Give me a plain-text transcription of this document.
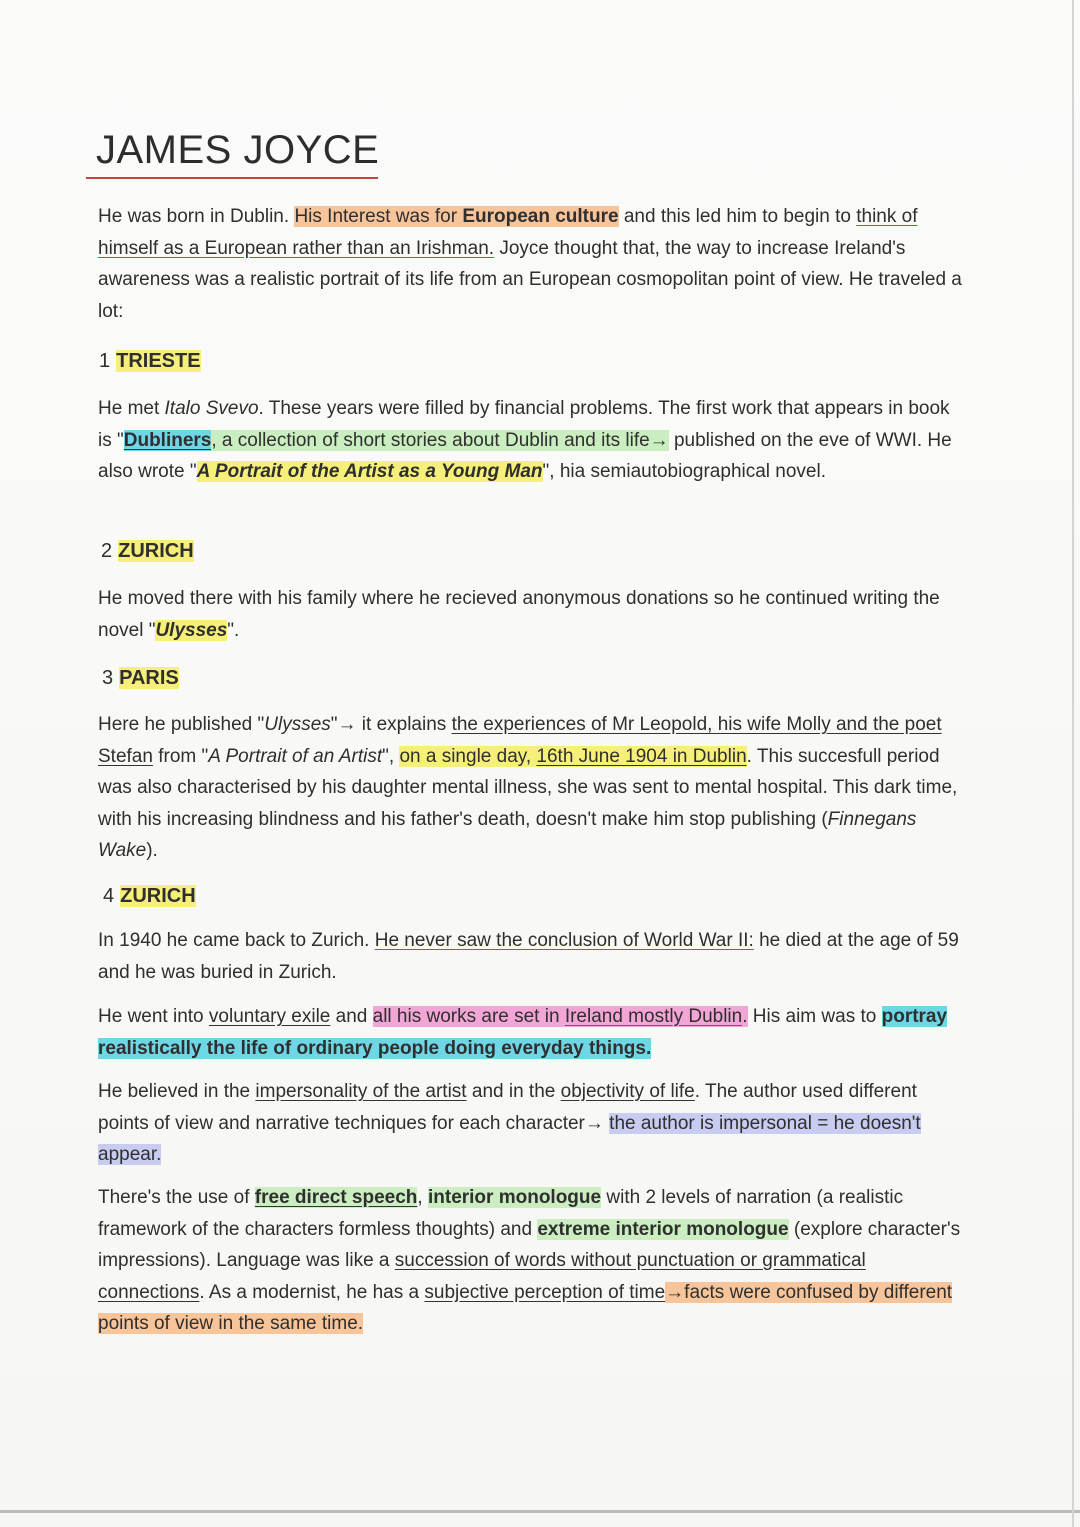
JAMES JOYCE
He was born in Dublin. His Interest was for European culture and this led him to begin to think of himself as a European rather than an Irishman. Joyce thought that, the way to increase Ireland's awareness was a realistic portrait of its life from an European cosmopolitan point of view. He traveled a lot:
1 TRIESTE
He met Italo Svevo. These years were filled by financial problems. The first work that appears in book is "Dubliners, a collection of short stories about Dublin and its life→ published on the eve of WWI. He also wrote "A Portrait of the Artist as a Young Man", hia semiautobiographical novel.
2 ZURICH
He moved there with his family where he recieved anonymous donations so he continued writing the novel "Ulysses".
3 PARIS
Here he published "Ulysses"→ it explains the experiences of Mr Leopold, his wife Molly and the poet Stefan from "A Portrait of an Artist", on a single day, 16th June 1904 in Dublin. This succesfull period was also characterised by his daughter mental illness, she was sent to mental hospital. This dark time, with his increasing blindness and his father's death, doesn't make him stop publishing (Finnegans Wake).
4 ZURICH
In 1940 he came back to Zurich. He never saw the conclusion of World War II: he died at the age of 59 and he was buried in Zurich.
He went into voluntary exile and all his works are set in Ireland mostly Dublin. His aim was to portray realistically the life of ordinary people doing everyday things.
He believed in the impersonality of the artist and in the objectivity of life. The author used different points of view and narrative techniques for each character→ the author is impersonal = he doesn't appear.
There's the use of free direct speech, interior monologue with 2 levels of narration (a realistic framework of the characters formless thoughts) and extreme interior monologue (explore character's impressions). Language was like a succession of words without punctuation or grammatical connections. As a modernist, he has a subjective perception of time→facts were confused by different points of view in the same time.
